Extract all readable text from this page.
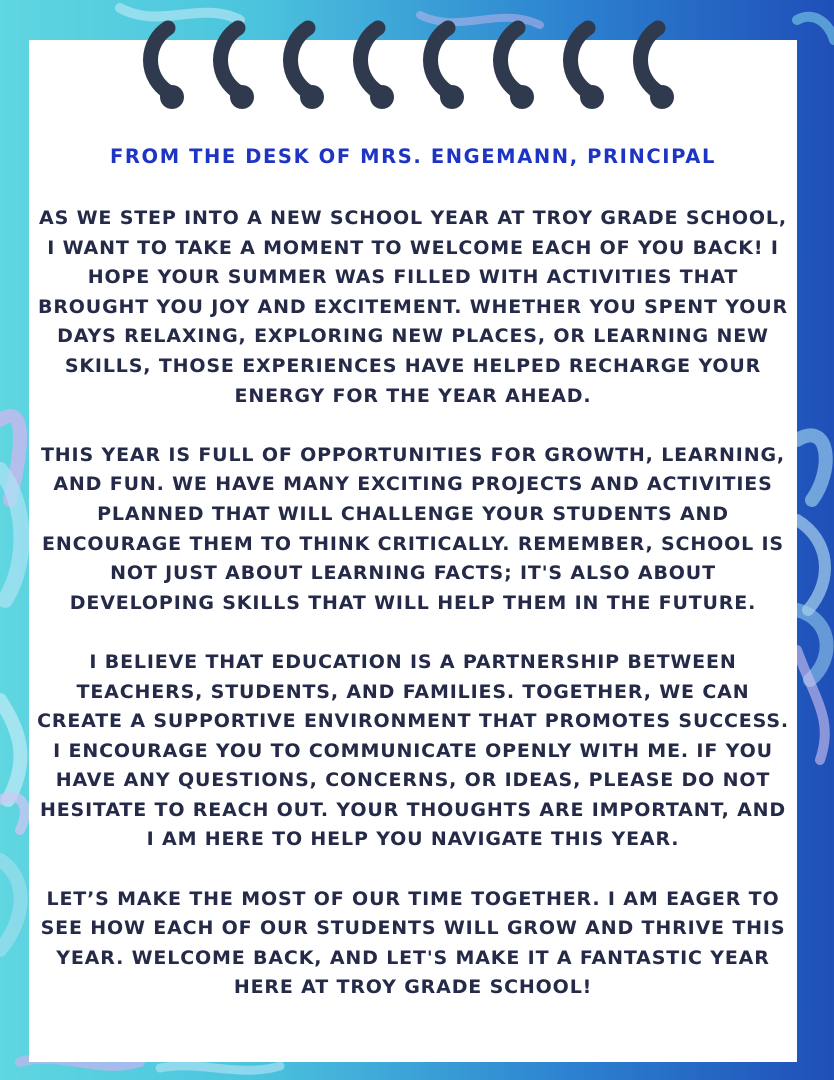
FROM THE DESK OF MRS. ENGEMANN, PRINCIPAL

AS WE STEP INTO A NEW SCHOOL YEAR AT TROY GRADE SCHOOL, I WANT TO TAKE A MOMENT TO WELCOME EACH OF YOU BACK! I HOPE YOUR SUMMER WAS FILLED WITH ACTIVITIES THAT BROUGHT YOU JOY AND EXCITEMENT. WHETHER YOU SPENT YOUR DAYS RELAXING, EXPLORING NEW PLACES, OR LEARNING NEW SKILLS, THOSE EXPERIENCES HAVE HELPED RECHARGE YOUR ENERGY FOR THE YEAR AHEAD.

THIS YEAR IS FULL OF OPPORTUNITIES FOR GROWTH, LEARNING, AND FUN. WE HAVE MANY EXCITING PROJECTS AND ACTIVITIES PLANNED THAT WILL CHALLENGE YOUR STUDENTS AND ENCOURAGE THEM TO THINK CRITICALLY. REMEMBER, SCHOOL IS NOT JUST ABOUT LEARNING FACTS; IT'S ALSO ABOUT DEVELOPING SKILLS THAT WILL HELP THEM IN THE FUTURE.

I BELIEVE THAT EDUCATION IS A PARTNERSHIP BETWEEN TEACHERS, STUDENTS, AND FAMILIES. TOGETHER, WE CAN CREATE A SUPPORTIVE ENVIRONMENT THAT PROMOTES SUCCESS. I ENCOURAGE YOU TO COMMUNICATE OPENLY WITH ME. IF YOU HAVE ANY QUESTIONS, CONCERNS, OR IDEAS, PLEASE DO NOT HESITATE TO REACH OUT. YOUR THOUGHTS ARE IMPORTANT, AND I AM HERE TO HELP YOU NAVIGATE THIS YEAR.

LET’S MAKE THE MOST OF OUR TIME TOGETHER. I AM EAGER TO SEE HOW EACH OF OUR STUDENTS WILL GROW AND THRIVE THIS YEAR. WELCOME BACK, AND LET'S MAKE IT A FANTASTIC YEAR HERE AT TROY GRADE SCHOOL!
